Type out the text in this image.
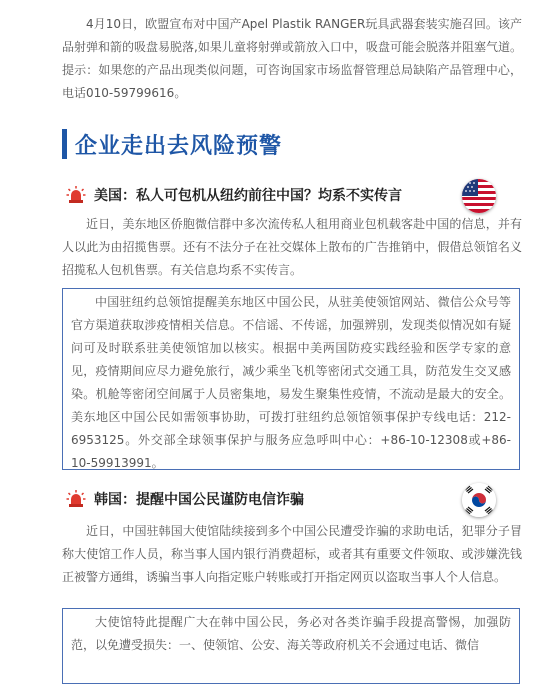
4月10日，欧盟宣布对中国产Apel Plastik RANGER玩具武器套装实施召回。该产品射弹和箭的吸盘易脱落,如果儿童将射弹或箭放入口中，吸盘可能会脱落并阻塞气道。提示：如果您的产品出现类似问题，可咨询国家市场监督管理总局缺陷产品管理中心，电话010-59799616。

企业走出去风险预警
美国：私人可包机从纽约前往中国？均系不实传言

近日，美东地区侨胞微信群中多次流传私人租用商业包机载客赴中国的信息，并有人以此为由招揽售票。还有不法分子在社交媒体上散布的广告推销中，假借总领馆名义招揽私人包机售票。有关信息均系不实传言。

中国驻纽约总领馆提醒美东地区中国公民，从驻美使领馆网站、微信公众号等官方渠道获取涉疫情相关信息。不信谣、不传谣，加强辨别，发现类似情况如有疑问可及时联系驻美使领馆加以核实。根据中美两国防疫实践经验和医学专家的意见，疫情期间应尽力避免旅行，减少乘坐飞机等密闭式交通工具，防范发生交叉感染。机舱等密闭空间属于人员密集地，易发生聚集性疫情，不流动是最大的安全。美东地区中国公民如需领事协助，可拨打驻纽约总领馆领事保护专线电话：212-6953125。外交部全球领事保护与服务应急呼叫中心：+86-10-12308或+86-10-59913991。
韩国：提醒中国公民谨防电信诈骗

近日，中国驻韩国大使馆陆续接到多个中国公民遭受诈骗的求助电话，犯罪分子冒称大使馆工作人员，称当事人国内银行消费超标，或者其有重要文件领取、或涉嫌洗钱正被警方通缉，诱骗当事人向指定账户转账或打开指定网页以盗取当事人个人信息。

大使馆特此提醒广大在韩中国公民，务必对各类诈骗手段提高警惕，加强防范，以免遭受损失：一、使领馆、公安、海关等政府机关不会通过电话、微信
